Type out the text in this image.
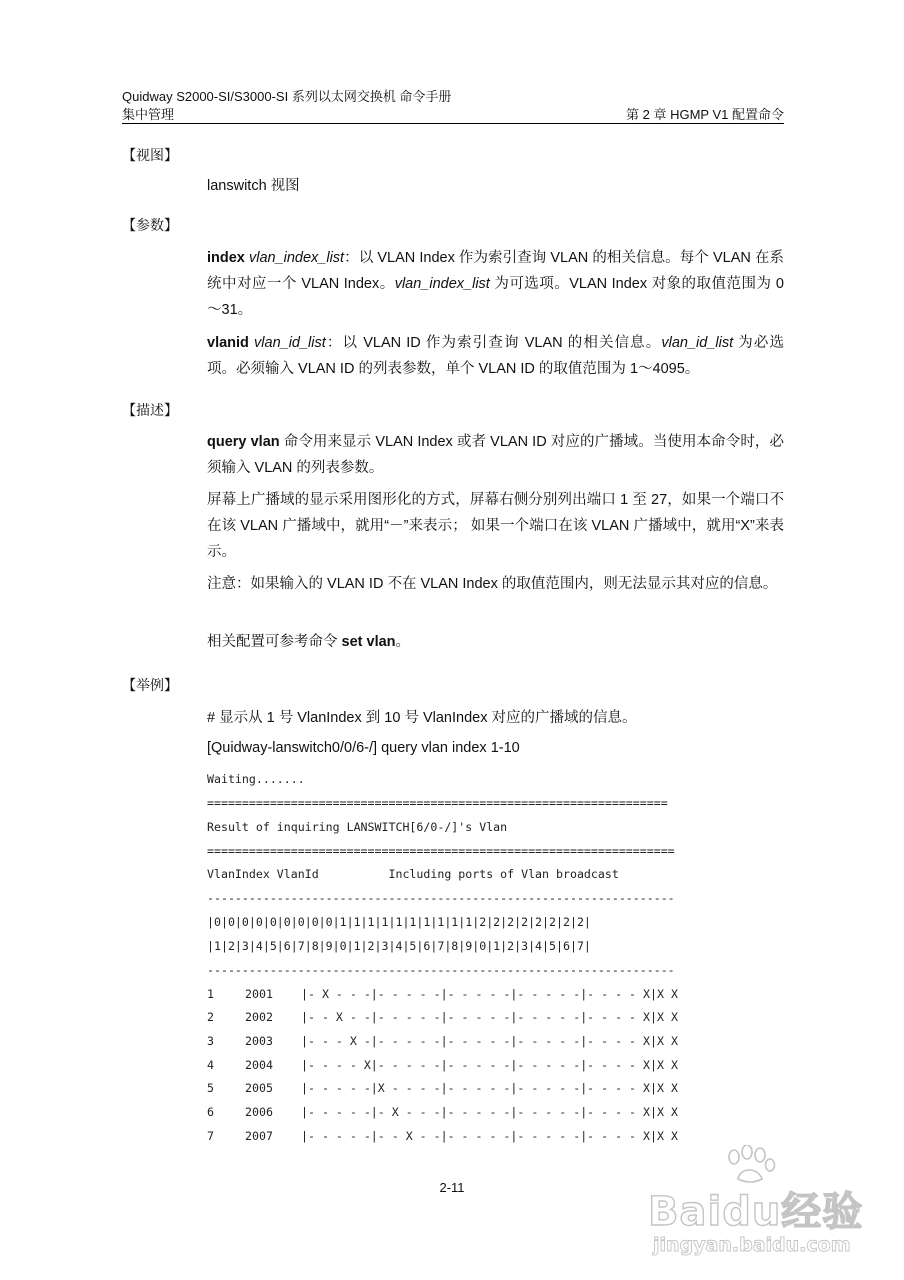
Quidway S2000-SI/S3000-SI 系列以太网交换机 命令手册
集中管理	第 2 章 HGMP V1 配置命令
【视图】
lanswitch 视图
【参数】
index vlan_index_list：以 VLAN Index 作为索引查询 VLAN 的相关信息。每个 VLAN 在系统中对应一个 VLAN Index。vlan_index_list 为可选项。VLAN Index 对象的取值范围为 0～31。
vlanid vlan_id_list：以 VLAN ID 作为索引查询 VLAN 的相关信息。vlan_id_list 为必选项。必须输入 VLAN ID 的列表参数，单个 VLAN ID 的取值范围为 1～4095。
【描述】
query vlan 命令用来显示 VLAN Index 或者 VLAN ID 对应的广播域。当使用本命令时，必须输入 VLAN 的列表参数。
屏幕上广播域的显示采用图形化的方式，屏幕右侧分别列出端口 1 至 27，如果一个端口不在该 VLAN 广播域中，就用“－”来表示； 如果一个端口在该 VLAN 广播域中，就用“X”来表示。
注意：如果输入的 VLAN ID 不在 VLAN Index 的取值范围内，则无法显示其对应的信息。
相关配置可参考命令 set vlan。
【举例】
# 显示从 1 号 VlanIndex 到 10 号 VlanIndex 对应的广播域的信息。
[Quidway-lanswitch0/0/6-/] query vlan index 1-10
Waiting.......
==================================================================
Result of inquiring LANSWITCH[6/0-/]'s Vlan
===================================================================
VlanIndex VlanId          Including ports of Vlan broadcast
-------------------------------------------------------------------
|0|0|0|0|0|0|0|0|0|1|1|1|1|1|1|1|1|1|1|2|2|2|2|2|2|2|2|
|1|2|3|4|5|6|7|8|9|0|1|2|3|4|5|6|7|8|9|0|1|2|3|4|5|6|7|
-------------------------------------------------------------------
1	2001 |- X - - -|- - - - -|- - - - -|- - - - -|- - - - X|X X
2	2002 |- - X - -|- - - - -|- - - - -|- - - - -|- - - - X|X X
3	2003 |- - - X -|- - - - -|- - - - -|- - - - -|- - - - X|X X
4	2004 |- - - - X|- - - - -|- - - - -|- - - - -|- - - - X|X X
5	2005 |- - - - -|X - - - -|- - - - -|- - - - -|- - - - X|X X
6	2006 |- - - - -|- X - - -|- - - - -|- - - - -|- - - - X|X X
7	2007 |- - - - -|- - X - -|- - - - -|- - - - -|- - - - X|X X
2-11
Baidu经验
jingyan.baidu.com
